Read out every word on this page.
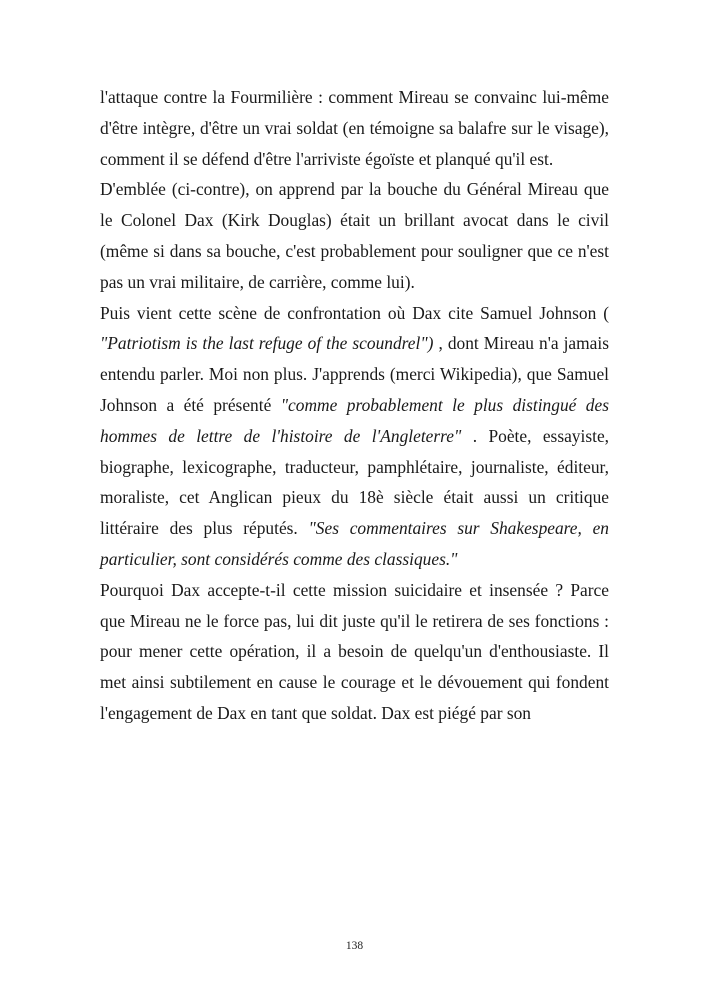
l'attaque contre la Fourmilière : comment Mireau se convainc lui-même d'être intègre, d'être un vrai soldat (en témoigne sa balafre sur le visage), comment il se défend d'être l'arriviste égoïste et planqué qu'il est.

D'emblée (ci-contre), on apprend par la bouche du Général Mireau que le Colonel Dax (Kirk Douglas) était un brillant avocat dans le civil (même si dans sa bouche, c'est probablement pour souligner que ce n'est pas un vrai militaire, de carrière, comme lui).

Puis vient cette scène de confrontation où Dax cite Samuel Johnson ( "Patriotism is the last refuge of the scoundrel") , dont Mireau n'a jamais entendu parler. Moi non plus. J'apprends (merci Wikipedia), que Samuel Johnson a été présenté "comme probablement le plus distingué des hommes de lettre de l'histoire de l'Angleterre" . Poète, essayiste, biographe, lexicographe, traducteur, pamphlétaire, journaliste, éditeur, moraliste, cet Anglican pieux du 18è siècle était aussi un critique littéraire des plus réputés. "Ses commentaires sur Shakespeare, en particulier, sont considérés comme des classiques."

Pourquoi Dax accepte-t-il cette mission suicidaire et insensée ? Parce que Mireau ne le force pas, lui dit juste qu'il le retirera de ses fonctions : pour mener cette opération, il a besoin de quelqu'un d'enthousiaste. Il met ainsi subtilement en cause le courage et le dévouement qui fondent l'engagement de Dax en tant que soldat. Dax est piégé par son

138
